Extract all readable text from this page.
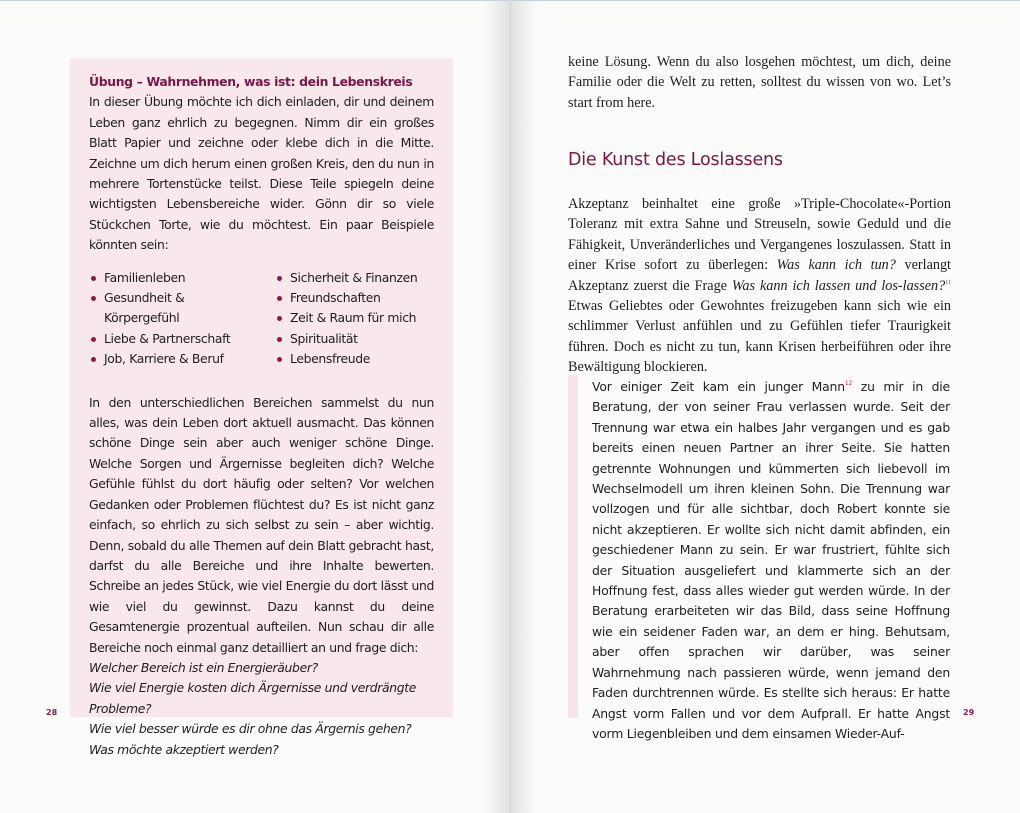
Übung – Wahrnehmen, was ist: dein Lebenskreis

In dieser Übung möchte ich dich einladen, dir und deinem Leben ganz ehrlich zu begegnen. Nimm dir ein großes Blatt Papier und zeichne oder klebe dich in die Mitte. Zeichne um dich herum einen großen Kreis, den du nun in mehrere Tortenstücke teilst. Diese Teile spiegeln deine wichtigsten Lebensbereiche wider. Gönn dir so viele Stückchen Torte, wie du möchtest. Ein paar Beispiele könnten sein:

Familienleben
Gesundheit &
Körpergefühl
Liebe & Partnerschaft
Job, Karriere & Beruf
Sicherheit & Finanzen
Freundschaften
Zeit & Raum für mich
Spiritualität
Lebensfreude

In den unterschiedlichen Bereichen sammelst du nun alles, was dein Leben dort aktuell ausmacht. Das können schöne Dinge sein aber auch weniger schöne Dinge. Welche Sorgen und Ärgernisse begleiten dich? Welche Gefühle fühlst du dort häufig oder selten? Vor welchen Gedanken oder Problemen flüchtest du? Es ist nicht ganz einfach, so ehrlich zu sich selbst zu sein – aber wichtig. Denn, sobald du alle Themen auf dein Blatt gebracht hast, darfst du alle Bereiche und ihre Inhalte bewerten. Schreibe an jedes Stück, wie viel Energie du dort lässt und wie viel du gewinnst. Dazu kannst du deine Gesamtenergie prozentual aufteilen. Nun schau dir alle Bereiche noch einmal ganz detailliert an und frage dich:

Welcher Bereich ist ein Energieräuber?
Wie viel Energie kosten dich Ärgernisse und verdrängte Probleme?
Wie viel besser würde es dir ohne das Ärgernis gehen?
Was möchte akzeptiert werden?
28

keine Lösung. Wenn du also losgehen möchtest, um dich, deine Familie oder die Welt zu retten, solltest du wissen von wo. Let’s start from here.

Die Kunst des Loslassens

Akzeptanz beinhaltet eine große »Triple-Chocolate«-Portion Toleranz mit extra Sahne und Streuseln, sowie Geduld und die Fähigkeit, Unveränderliches und Vergangenes loszulassen. Statt in einer Krise sofort zu überlegen: Was kann ich tun? verlangt Akzeptanz zuerst die Frage Was kann ich lassen und los-lassen?$^{11}$ Etwas Geliebtes oder Gewohntes freizugeben kann sich wie ein schlimmer Verlust anfühlen und zu Gefühlen tiefer Traurigkeit führen. Doch es nicht zu tun, kann Krisen herbeiführen oder ihre Bewältigung blockieren.

Vor einiger Zeit kam ein junger Mann$^{12}$ zu mir in die Beratung, der von seiner Frau verlassen wurde. Seit der Trennung war etwa ein halbes Jahr vergangen und es gab bereits einen neuen Partner an ihrer Seite. Sie hatten getrennte Wohnungen und kümmerten sich liebevoll im Wechselmodell um ihren kleinen Sohn. Die Trennung war vollzogen und für alle sichtbar, doch Robert konnte sie nicht akzeptieren. Er wollte sich nicht damit abfinden, ein geschiedener Mann zu sein. Er war frustriert, fühlte sich der Situation ausgeliefert und klammerte sich an der Hoffnung fest, dass alles wieder gut werden würde. In der Beratung erarbeiteten wir das Bild, dass seine Hoffnung wie ein seidener Faden war, an dem er hing. Behutsam, aber offen sprachen wir darüber, was seiner Wahrnehmung nach passieren würde, wenn jemand den Faden durchtrennen würde. Es stellte sich heraus: Er hatte Angst vorm Fallen und vor dem Aufprall. Er hatte Angst vorm Liegenbleiben und dem einsamen Wieder-Auf-

29
